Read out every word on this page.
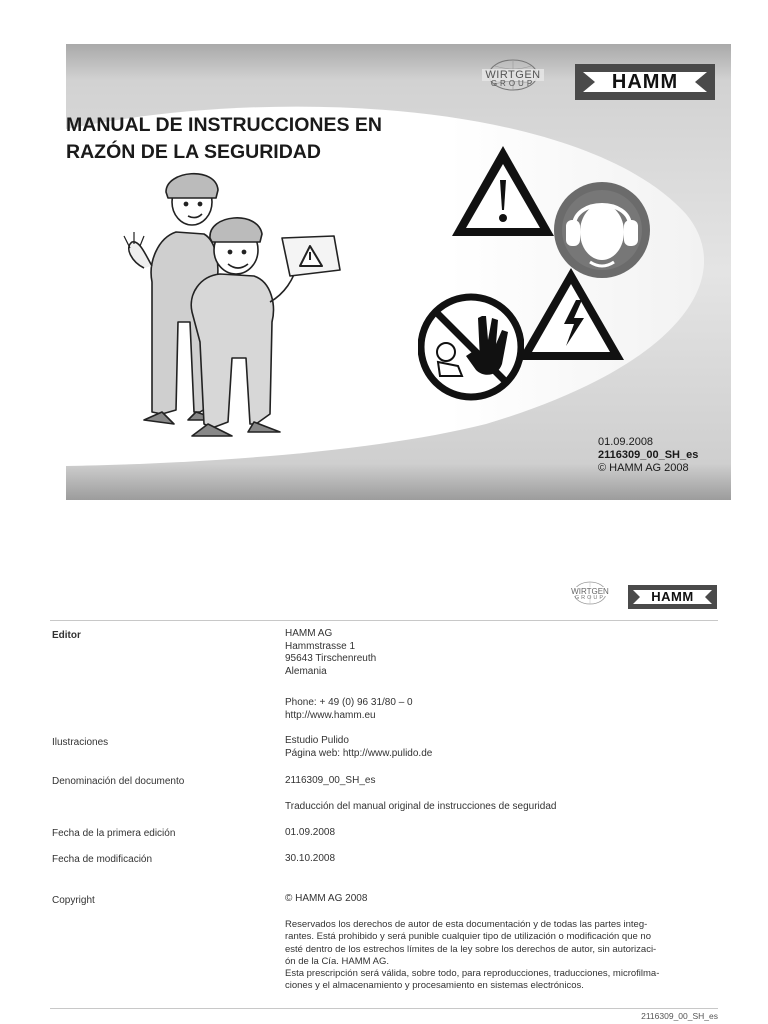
WIRTGEN
GROUP	HAMM
MANUAL DE INSTRUCCIONES EN
RAZÓN DE LA SEGURIDAD
01.09.2008
2116309_00_SH_es
© HAMM AG 2008
WIRTGEN
GROUP	HAMM
Editor	HAMM AG
Hammstrasse 1
95643 Tirschenreuth
Alemania
Phone: + 49 (0) 96 31/80 – 0
http://www.hamm.eu
Ilustraciones	Estudio Pulido
Página web: http://www.pulido.de
Denominación del documento	2116309_00_SH_es
Traducción del manual original de instrucciones de seguridad
Fecha de la primera edición	01.09.2008
Fecha de modificación	30.10.2008
Copyright	© HAMM AG 2008
Reservados los derechos de autor de esta documentación y de todas las partes integ-
rantes. Está prohibido y será punible cualquier tipo de utilización o modificación que no
esté dentro de los estrechos límites de la ley sobre los derechos de autor, sin autorizaci-
ón de la Cía. HAMM AG.
Esta prescripción será válida, sobre todo, para reproducciones, traducciones, microfilma-
ciones y el almacenamiento y procesamiento en sistemas electrónicos.
2116309_00_SH_es
